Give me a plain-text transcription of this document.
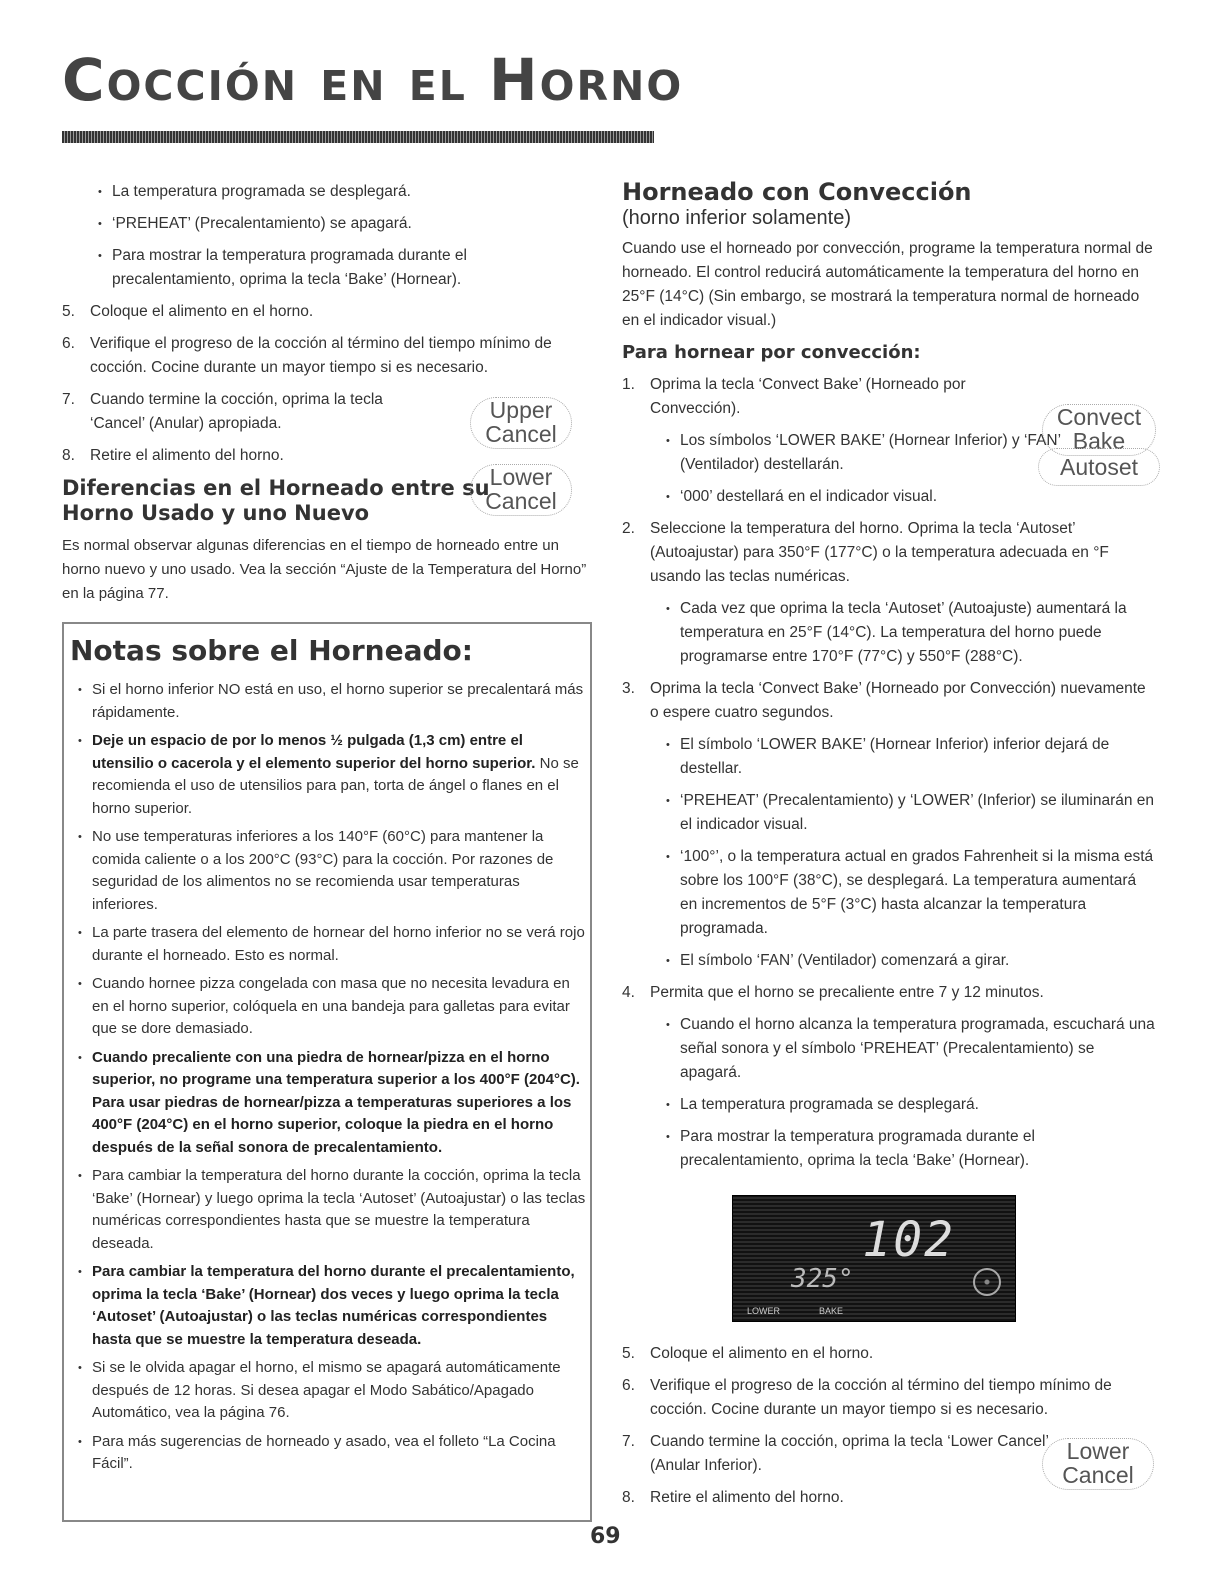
Cocción en el Horno

• La temperatura programada se desplegará.

• ‘PREHEAT’ (Precalentamiento) se apagará.

• Para mostrar la temperatura programada durante el precalentamiento, oprima la tecla ‘Bake’ (Hornear).

5. Coloque el alimento en el horno.

6. Verifique el progreso de la cocción al término del tiempo mínimo de cocción. Cocine durante un mayor tiempo si es necesario.

7. Cuando termine la cocción, oprima la tecla ‘Cancel’ (Anular) apropiada.

8. Retire el alimento del horno.

Diferencias en el Horneado entre su Horno Usado y uno Nuevo

Es normal observar algunas diferencias en el tiempo de horneado entre un horno nuevo y uno usado. Vea la sección “Ajuste de la Temperatura del Horno” en la página 77.

Upper
Cancel
Lower
Cancel
Notas sobre el Horneado:

• Si el horno inferior NO está en uso, el horno superior se precalentará más rápidamente.

• Deje un espacio de por lo menos ½ pulgada (1,3 cm) entre el utensilio o cacerola y el elemento superior del horno superior. No se recomienda el uso de utensilios para pan, torta de ángel o flanes en el horno superior.

• No use temperaturas inferiores a los 140°F (60°C) para mantener la comida caliente o a los 200°C (93°C) para la cocción. Por razones de seguridad de los alimentos no se recomienda usar temperaturas inferiores.

• La parte trasera del elemento de hornear del horno inferior no se verá rojo durante el horneado. Esto es normal.

• Cuando hornee pizza congelada con masa que no necesita levadura en en el horno superior, colóquela en una bandeja para galletas para evitar que se dore demasiado.

• Cuando precaliente con una piedra de hornear/pizza en el horno superior, no programe una temperatura superior a los 400°F (204°C). Para usar piedras de hornear/pizza a temperaturas superiores a los 400°F (204°C) en el horno superior, coloque la piedra en el horno después de la señal sonora de precalentamiento.

• Para cambiar la temperatura del horno durante la cocción, oprima la tecla ‘Bake’ (Hornear) y luego oprima la tecla ‘Autoset’ (Autoajustar) o las teclas numéricas correspondientes hasta que se muestre la temperatura deseada.

• Para cambiar la temperatura del horno durante el precalentamiento, oprima la tecla ‘Bake’ (Hornear) dos veces y luego oprima la tecla ‘Autoset’ (Autoajustar) o las teclas numéricas correspondientes hasta que se muestre la temperatura deseada.

• Si se le olvida apagar el horno, el mismo se apagará automáticamente después de 12 horas. Si desea apagar el Modo Sabático/Apagado Automático, vea la página 76.

• Para más sugerencias de horneado y asado, vea el folleto “La Cocina Fácil”.

Horneado con Convección

(horno inferior solamente)

Cuando use el horneado por convección, programe la temperatura normal de horneado. El control reducirá automáticamente la temperatura del horno en 25°F (14°C) (Sin embargo, se mostrará la temperatura normal de horneado en el indicador visual.)

Para hornear por convección:

1. Oprima la tecla ‘Convect Bake’ (Horneado por Convección).

• Los símbolos ‘LOWER BAKE’ (Hornear Inferior) y ‘FAN’ (Ventilador) destellarán.

• ‘000’ destellará en el indicador visual.

2. Seleccione la temperatura del horno. Oprima la tecla ‘Autoset’ (Autoajustar) para 350°F (177°C) o la temperatura adecuada en °F usando las teclas numéricas.

• Cada vez que oprima la tecla ‘Autoset’ (Autoajuste) aumentará la temperatura en 25°F (14°C). La temperatura del horno puede programarse entre 170°F (77°C) y 550°F (288°C).

3. Oprima la tecla ‘Convect Bake’ (Horneado por Convección) nuevamente o espere cuatro segundos.

• El símbolo ‘LOWER BAKE’ (Hornear Inferior) inferior dejará de destellar.

• ‘PREHEAT’ (Precalentamiento) y ‘LOWER’ (Inferior) se iluminarán en el indicador visual.

• ‘100°’, o la temperatura actual en grados Fahrenheit si la misma está sobre los 100°F (38°C), se desplegará. La temperatura aumentará en incrementos de 5°F (3°C) hasta alcanzar la temperatura programada.

• El símbolo ‘FAN’ (Ventilador) comenzará a girar.

4. Permita que el horno se precaliente entre 7 y 12 minutos.

• Cuando el horno alcanza la temperatura programada, escuchará una señal sonora y el símbolo ‘PREHEAT’ (Precalentamiento) se apagará.

• La temperatura programada se desplegará.

• Para mostrar la temperatura programada durante el precalentamiento, oprima la tecla ‘Bake’ (Hornear).

Convect
Bake
Autoset
102
325°
LOWER	BAKE

5. Coloque el alimento en el horno.

6. Verifique el progreso de la cocción al término del tiempo mínimo de cocción. Cocine durante un mayor tiempo si es necesario.

7. Cuando termine la cocción, oprima la tecla ‘Lower Cancel’ (Anular Inferior).

8. Retire el alimento del horno.

Lower
Cancel
69
